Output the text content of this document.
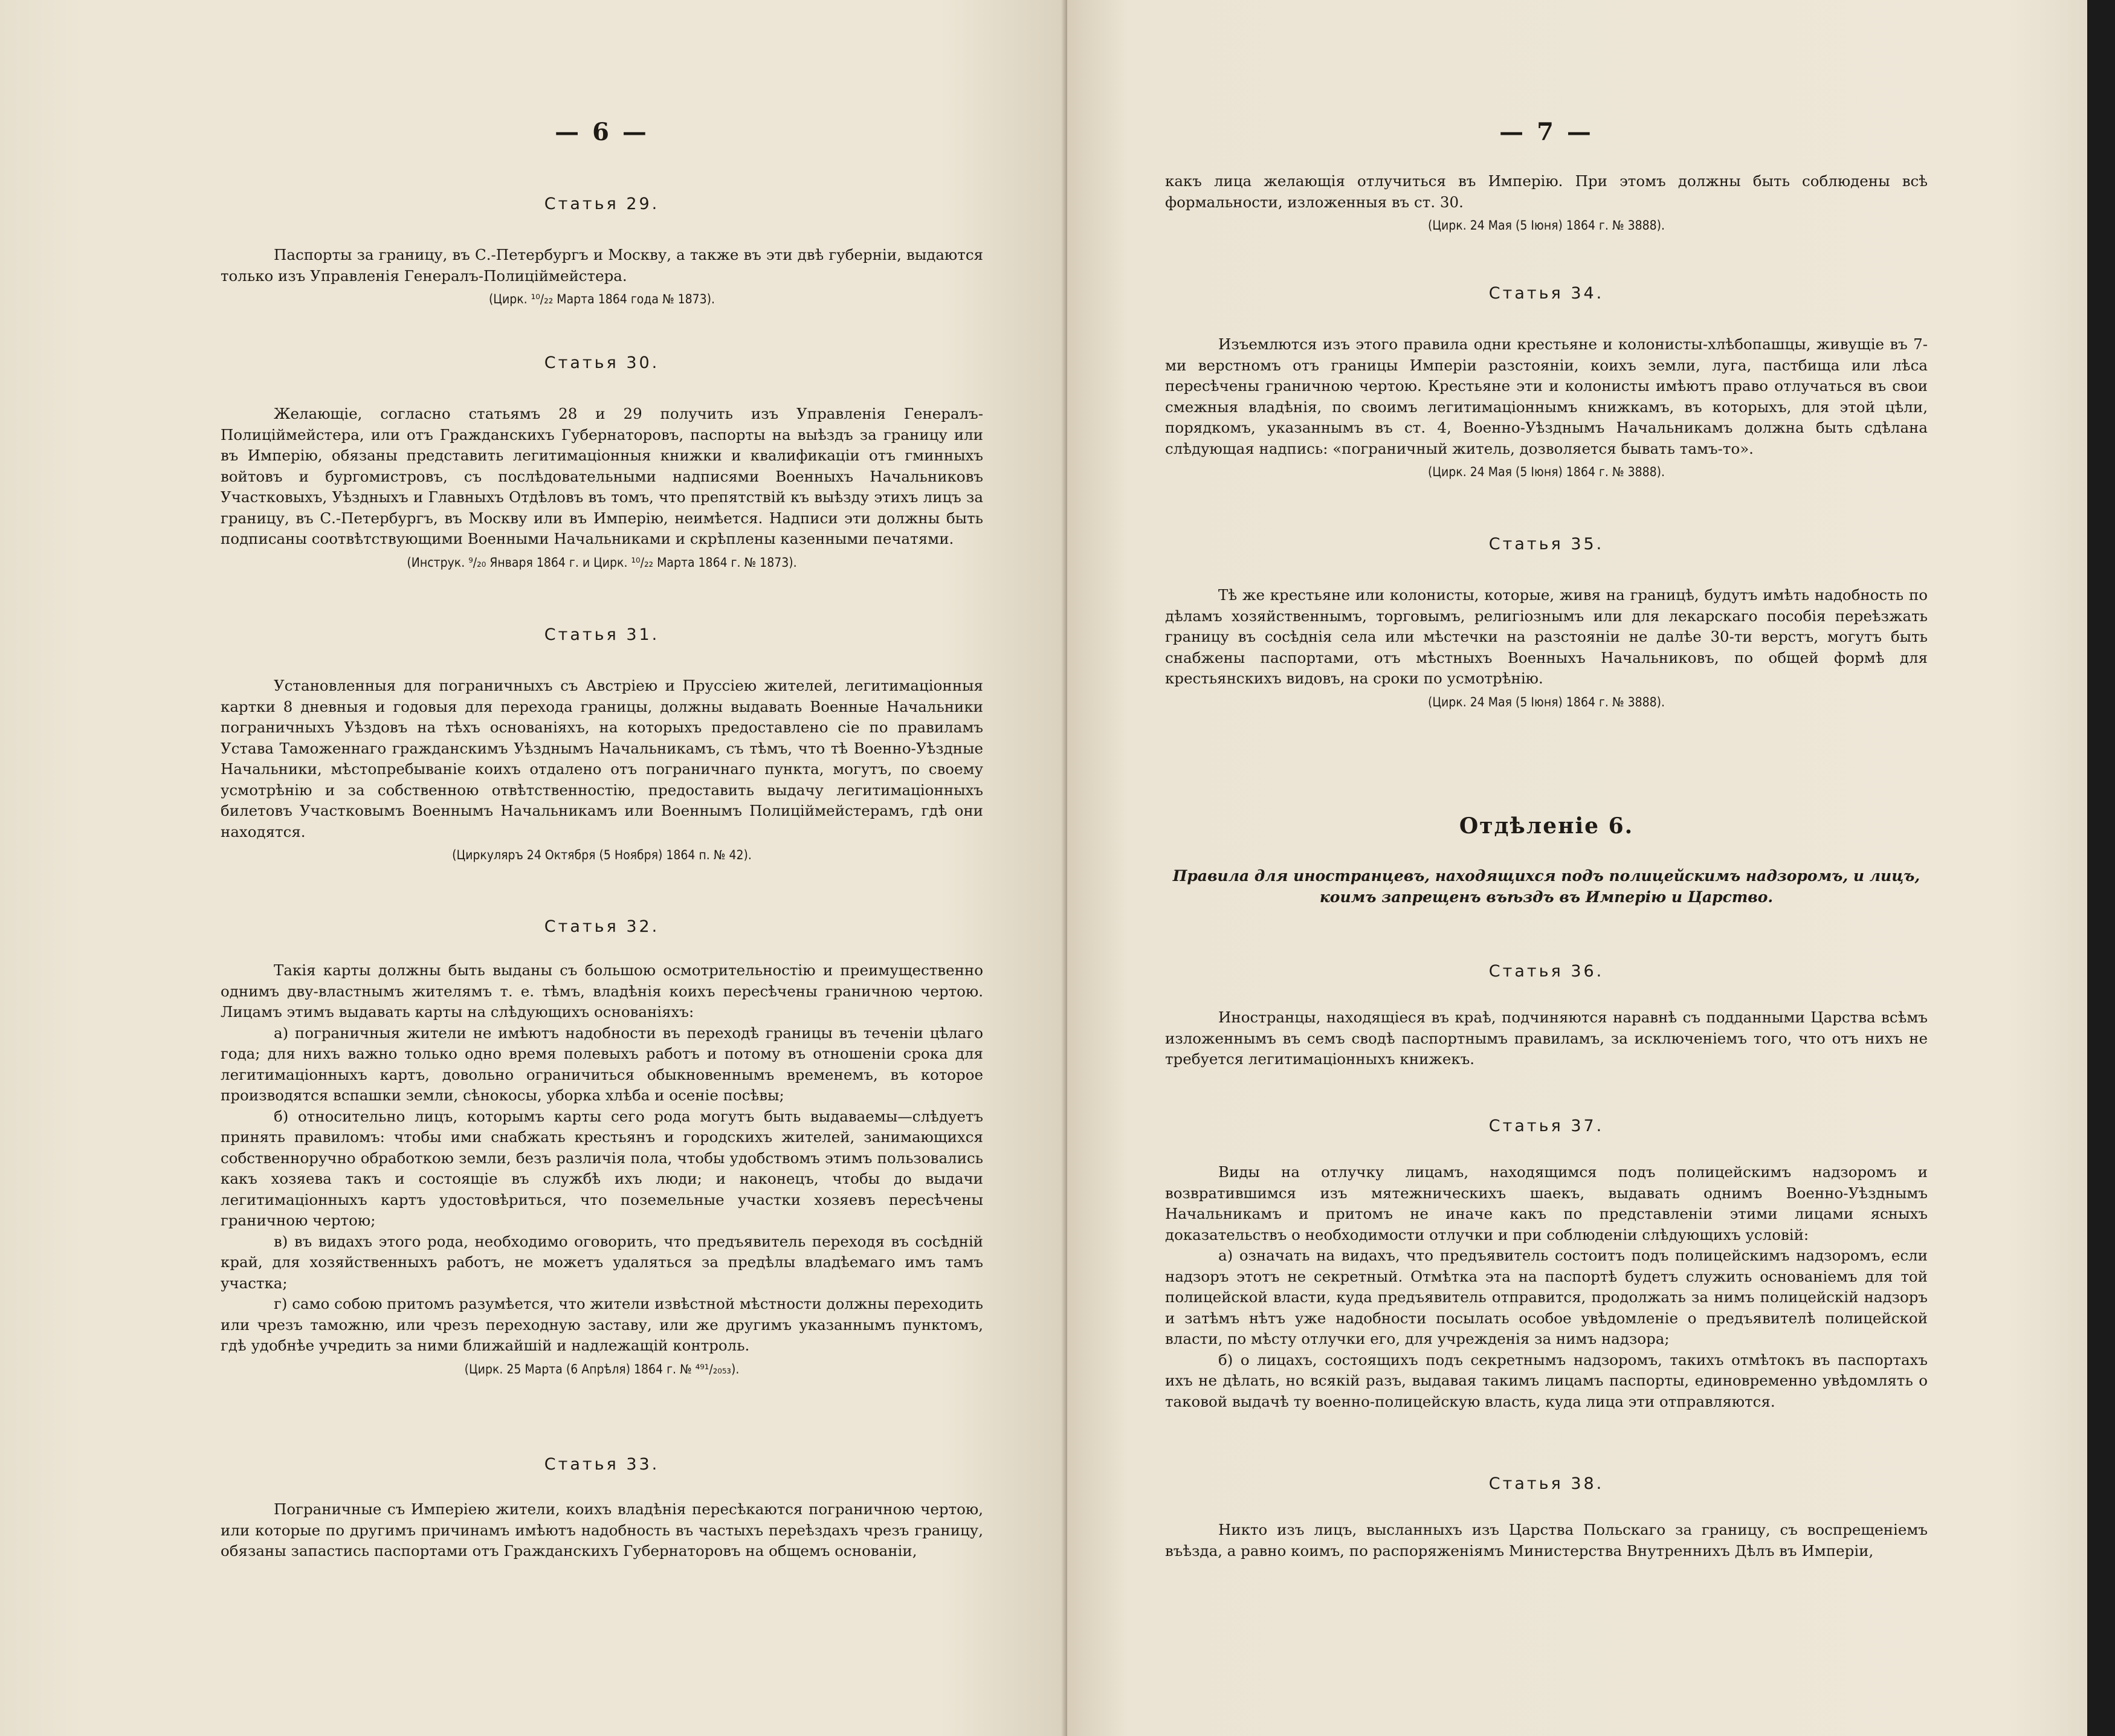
— 6 —

Статья 29.

Паспорты за границу, въ С.-Петербургъ и Москву, а также въ эти двѣ губерніи, выдаются только изъ Управленія Генералъ-Полицiймейстера.

(Цирк. ¹⁰/₂₂ Марта 1864 года № 1873).

Статья 30.

Желающіе, согласно статьямъ 28 и 29 получить изъ Управленія Генералъ-Полицiймейстера, или отъ Гражданскихъ Губернаторовъ, паспорты на выѣздъ за границу или въ Имперію, обязаны представить легитимаціонныя книжки и квалификаціи отъ гминныхъ войтовъ и бургомистровъ, съ послѣдовательными надписями Военныхъ Начальниковъ Участковыхъ, Уѣздныхъ и Главныхъ Отдѣловъ въ томъ, что препятствій къ выѣзду этихъ лицъ за границу, въ С.-Петербургъ, въ Москву или въ Имперію, неимѣется. Надписи эти должны быть подписаны соотвѣтствующими Военными Начальниками и скрѣплены казенными печатями.

(Инструк. ⁹/₂₀ Января 1864 г. и Цирк. ¹⁰/₂₂ Марта 1864 г. № 1873).

Статья 31.

Установленныя для пограничныхъ съ Австріею и Пруссіею жителей, легитимаціонныя картки 8 дневныя и годовыя для перехода границы, должны выдавать Военные Начальники пограничныхъ Уѣздовъ на тѣхъ основаніяхъ, на которыхъ предоставлено сіе по правиламъ Устава Таможеннаго гражданскимъ Уѣзднымъ Начальникамъ, съ тѣмъ, что тѣ Военно-Уѣздные Начальники, мѣстопребываніе коихъ отдалено отъ пограничнаго пункта, могутъ, по своему усмотрѣнію и за собственною отвѣтственностію, предоставить выдачу легитимаціонныхъ билетовъ Участковымъ Военнымъ Начальникамъ или Военнымъ Полицiймейстерамъ, гдѣ они находятся.

(Циркуляръ 24 Октября (5 Ноября) 1864 п. № 42).

Статья 32.

Такія карты должны быть выданы съ большою осмотрительностію и преимущественно однимъ дву-властнымъ жителямъ т. е. тѣмъ, владѣнія коихъ пересѣчены граничною чертою. Лицамъ этимъ выдавать карты на слѣдующихъ основаніяхъ:

а) пограничныя жители не имѣютъ надобности въ переходѣ границы въ теченіи цѣлаго года; для нихъ важно только одно время полевыхъ работъ и потому въ отношеніи срока для легитимаціонныхъ картъ, довольно ограничиться обыкновеннымъ временемъ, въ которое производятся вспашки земли, сѣнокосы, уборка хлѣба и осеніе посѣвы;

б) относительно лицъ, которымъ карты сего рода могутъ быть выдаваемы—слѣдуетъ принять правиломъ: чтобы ими снабжать крестьянъ и городскихъ жителей, занимающихся собственноручно обработкою земли, безъ различія пола, чтобы удобствомъ этимъ пользовались какъ хозяева такъ и состоящіе въ службѣ ихъ люди; и наконецъ, чтобы до выдачи легитимаціонныхъ картъ удостовѣриться, что поземельные участки хозяевъ пересѣчены граничною чертою;

в) въ видахъ этого рода, необходимо оговорить, что предъявитель переходя въ сосѣдній край, для хозяйственныхъ работъ, не можетъ удаляться за предѣлы владѣемаго имъ тамъ участка;

г) само собою притомъ разумѣется, что жители извѣстной мѣстности должны переходить или чрезъ таможню, или чрезъ переходную заставу, или же другимъ указаннымъ пунктомъ, гдѣ удобнѣе учредить за ними ближайшій и надлежащій контроль.

(Цирк. 25 Марта (6 Апрѣля) 1864 г. № ⁴⁹¹/₂₀₅₃).

Статья 33.

Пограничные съ Имперіею жители, коихъ владѣнія пересѣкаются пограничною чертою, или которые по другимъ причинамъ имѣютъ надобность въ частыхъ переѣздахъ чрезъ границу, обязаны запастись паспортами отъ Гражданскихъ Губернаторовъ на общемъ основаніи,

— 7 —

какъ лица желающія отлучиться въ Имперію. При этомъ должны быть соблюдены всѣ формальности, изложенныя въ ст. 30.

(Цирк. 24 Мая (5 Іюня) 1864 г. № 3888).

Статья 34.

Изъемлются изъ этого правила одни крестьяне и колонисты-хлѣбопашцы, живущіе въ 7-ми верстномъ отъ границы Имперіи разстояніи, коихъ земли, луга, пастбища или лѣса пересѣчены граничною чертою. Крестьяне эти и колонисты имѣютъ право отлучаться въ свои смежныя владѣнія, по своимъ легитимаціоннымъ книжкамъ, въ которыхъ, для этой цѣли, порядкомъ, указаннымъ въ ст. 4, Военно-Уѣзднымъ Начальникамъ должна быть сдѣлана слѣдующая надпись: «пограничный житель, дозволяется бывать тамъ-то».

(Цирк. 24 Мая (5 Іюня) 1864 г. № 3888).

Статья 35.

Тѣ же крестьяне или колонисты, которые, живя на границѣ, будутъ имѣть надобность по дѣламъ хозяйственнымъ, торговымъ, религіознымъ или для лекарскаго пособія переѣзжать границу въ сосѣднія села или мѣстечки на разстояніи не далѣе 30-ти верстъ, могутъ быть снабжены паспортами, отъ мѣстныхъ Военныхъ Начальниковъ, по общей формѣ для крестьянскихъ видовъ, на сроки по усмотрѣнію.

(Цирк. 24 Мая (5 Іюня) 1864 г. № 3888).

Отдѣленіе 6.

Правила для иностранцевъ, находящихся подъ полицейскимъ надзоромъ, и лицъ, коимъ запрещенъ въѣздъ въ Имперію и Царство.

Статья 36.

Иностранцы, находящіеся въ краѣ, подчиняются наравнѣ съ подданными Царства всѣмъ изложеннымъ въ семъ сводѣ паспортнымъ правиламъ, за исключеніемъ того, что отъ нихъ не требуется легитимаціонныхъ книжекъ.

Статья 37.

Виды на отлучку лицамъ, находящимся подъ полицейскимъ надзоромъ и возвратившимся изъ мятежническихъ шаекъ, выдавать однимъ Военно-Уѣзднымъ Начальникамъ и притомъ не иначе какъ по представленіи этими лицами ясныхъ доказательствъ о необходимости отлучки и при соблюденіи слѣдующихъ условій:

а) означать на видахъ, что предъявитель состоитъ подъ полицейскимъ надзоромъ, если надзоръ этотъ не секретный. Отмѣтка эта на паспортѣ будетъ служить основаніемъ для той полицейской власти, куда предъявитель отправится, продолжать за нимъ полицейскій надзоръ и затѣмъ нѣтъ уже надобности посылать особое увѣдомленіе о предъявителѣ полицейской власти, по мѣсту отлучки его, для учрежденія за нимъ надзора;

б) о лицахъ, состоящихъ подъ секретнымъ надзоромъ, такихъ отмѣтокъ въ паспортахъ ихъ не дѣлать, но всякій разъ, выдавая такимъ лицамъ паспорты, единовременно увѣдомлять о таковой выдачѣ ту военно-полицейскую власть, куда лица эти отправляются.

Статья 38.

Никто изъ лицъ, высланныхъ изъ Царства Польскаго за границу, съ воспрещеніемъ въѣзда, а равно коимъ, по распоряженіямъ Министерства Внутреннихъ Дѣлъ въ Имперіи,
